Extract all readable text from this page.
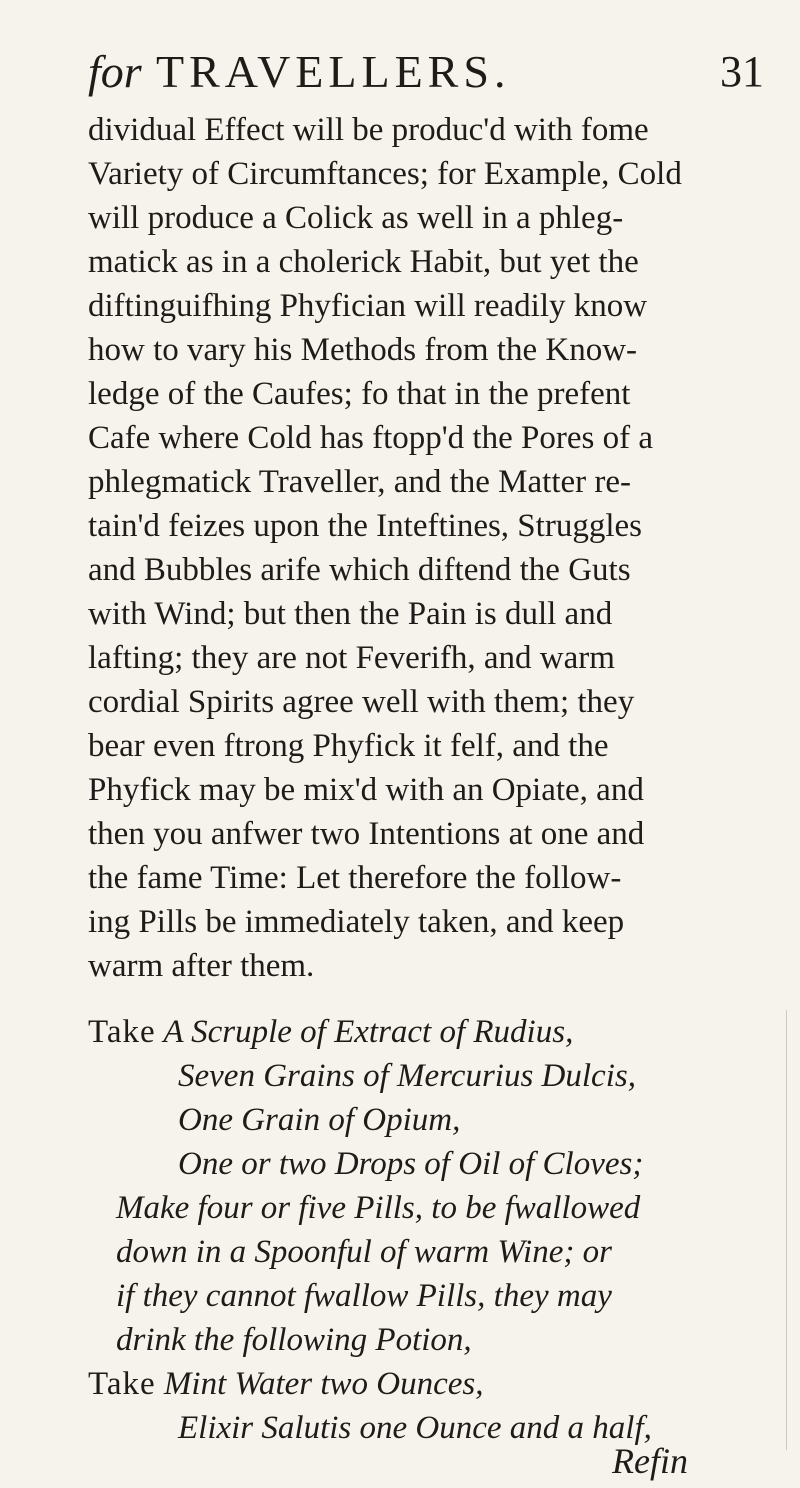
for TRAVELLERS.	31
dividual Effect will be produc'd with fome
Variety of Circumftances; for Example, Cold
will produce a Colick as well in a phleg-
matick as in a cholerick Habit, but yet the
diftinguifhing Phyfician will readily know
how to vary his Methods from the Know-
ledge of the Caufes; fo that in the prefent
Cafe where Cold has ftopp'd the Pores of a
phlegmatick Traveller, and the Matter re-
tain'd feizes upon the Inteftines, Struggles
and Bubbles arife which diftend the Guts
with Wind; but then the Pain is dull and
lafting; they are not Feverifh, and warm
cordial Spirits agree well with them; they
bear even ftrong Phyfick it felf, and the
Phyfick may be mix'd with an Opiate, and
then you anfwer two Intentions at one and
the fame Time: Let therefore the follow-
ing Pills be immediately taken, and keep
warm after them.
Take A Scruple of Extract of Rudius,
Seven Grains of Mercurius Dulcis,
One Grain of Opium,
One or two Drops of Oil of Cloves;
Make four or five Pills, to be fwallowed
down in a Spoonful of warm Wine; or
if they cannot fwallow Pills, they may
drink the following Potion,
Take Mint Water two Ounces,
Elixir Salutis one Ounce and a half,
Refin
